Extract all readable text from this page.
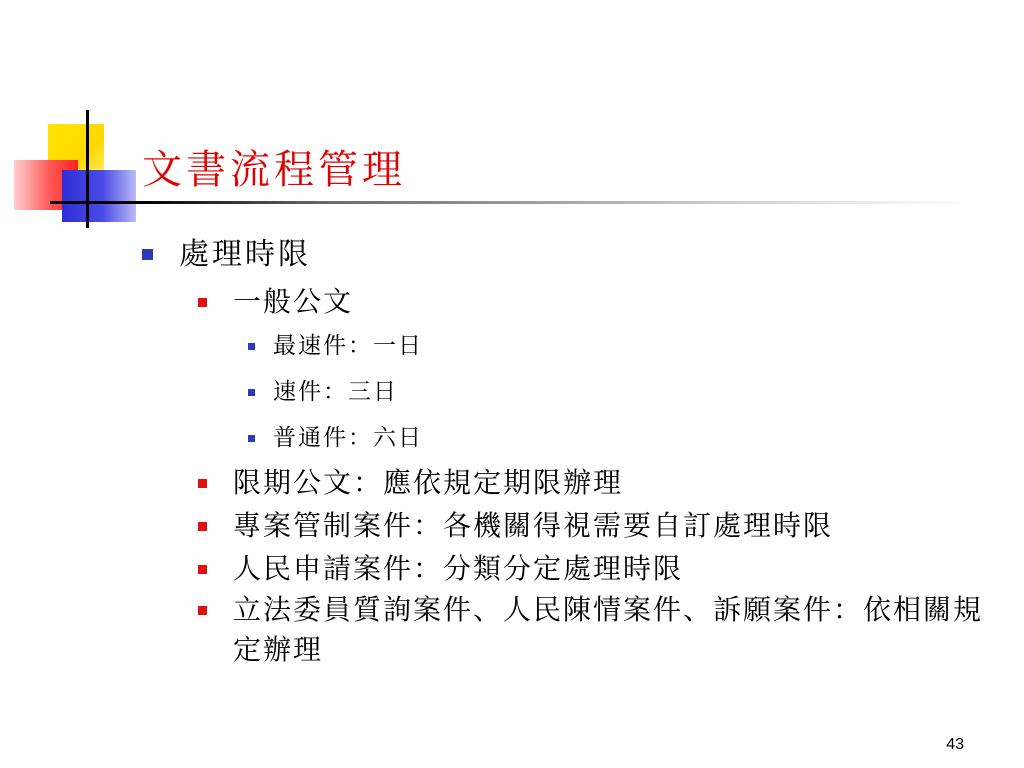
文書流程管理
處理時限
一般公文
最速件：一日
速件：三日
普通件：六日
限期公文：應依規定期限辦理
專案管制案件：各機關得視需要自訂處理時限
人民申請案件：分類分定處理時限
立法委員質詢案件、人民陳情案件、訴願案件：依相關規定辦理
43
